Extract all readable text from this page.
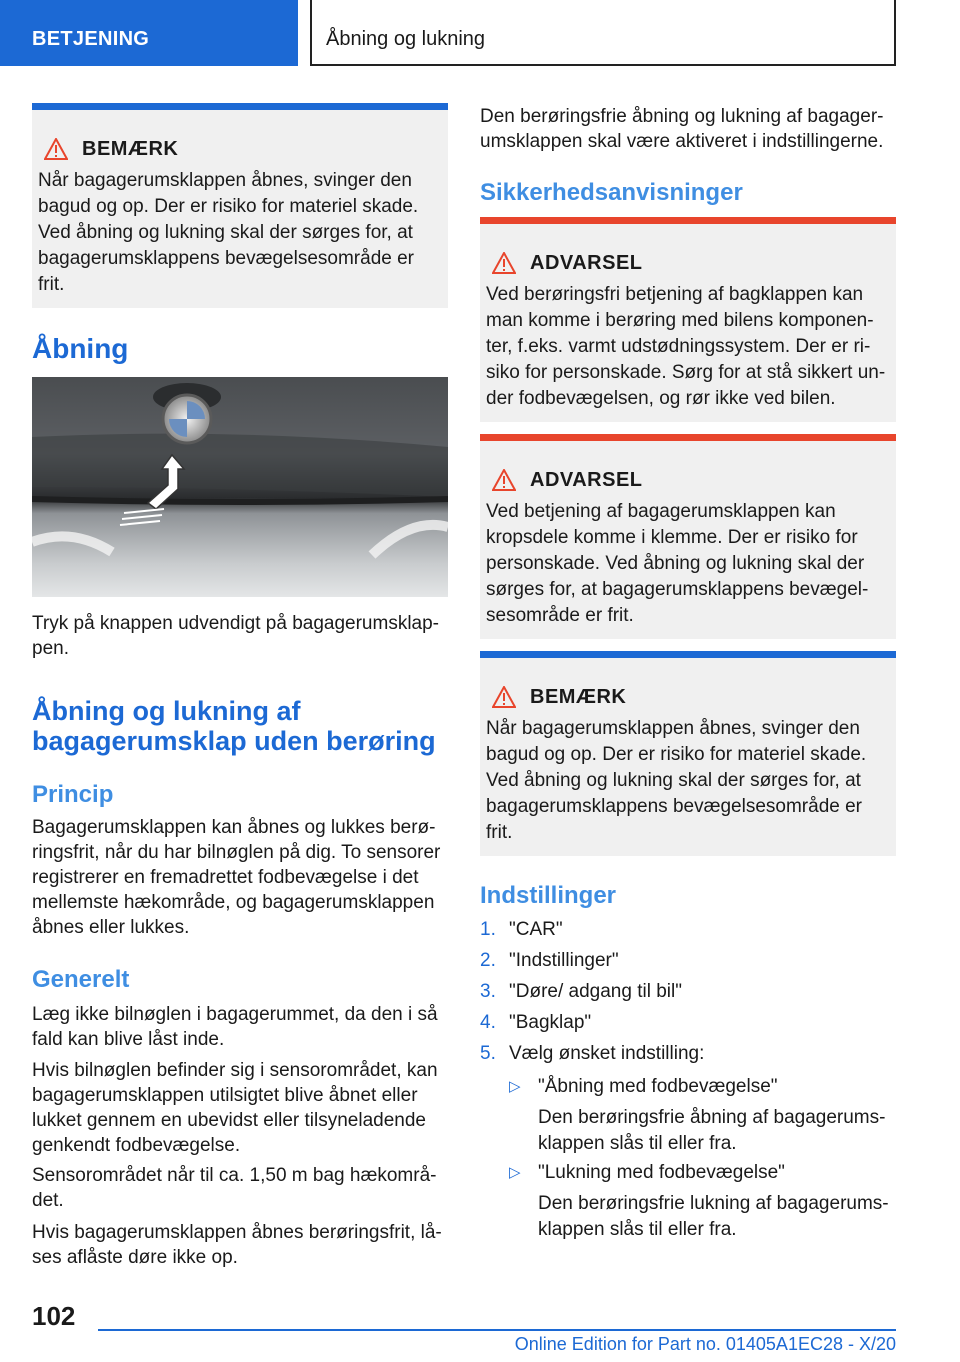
BETJENING	Åbning og lukning
BEMÆRK
Når bagagerumsklappen åbnes, svinger den
bagud og op. Der er risiko for materiel skade.
Ved åbning og lukning skal der sørges for, at
bagagerumsklappens bevægelsesområde er
frit.
Åbning
Tryk på knappen udvendigt på bagagerumsklap-
pen.
Åbning og lukning af
bagagerumsklap uden berøring
Princip
Bagagerumsklappen kan åbnes og lukkes berø-
ringsfrit, når du har bilnøglen på dig. To sensorer
registrerer en fremadrettet fodbevægelse i det
mellemste hækområde, og bagagerumsklappen
åbnes eller lukkes.
Generelt
Læg ikke bilnøglen i bagagerummet, da den i så
fald kan blive låst inde.
Hvis bilnøglen befinder sig i sensorområdet, kan
bagagerumsklappen utilsigtet blive åbnet eller
lukket gennem en ubevidst eller tilsyneladende
genkendt fodbevægelse.
Sensorområdet når til ca. 1,50 m bag hækområ-
det.
Hvis bagagerumsklappen åbnes berøringsfrit, lå-
ses aflåste døre ikke op.
Den berøringsfrie åbning og lukning af bagager-
umsklappen skal være aktiveret i indstillingerne.
Sikkerhedsanvisninger
ADVARSEL
Ved berøringsfri betjening af bagklappen kan
man komme i berøring med bilens komponen-
ter, f.eks. varmt udstødningssystem. Der er ri-
siko for personskade. Sørg for at stå sikkert un-
der fodbevægelsen, og rør ikke ved bilen.
ADVARSEL
Ved betjening af bagagerumsklappen kan
kropsdele komme i klemme. Der er risiko for
personskade. Ved åbning og lukning skal der
sørges for, at bagagerumsklappens bevægel-
sesområde er frit.
BEMÆRK
Når bagagerumsklappen åbnes, svinger den
bagud og op. Der er risiko for materiel skade.
Ved åbning og lukning skal der sørges for, at
bagagerumsklappens bevægelsesområde er
frit.
Indstillinger
1. "CAR"
2. "Indstillinger"
3. "Døre/ adgang til bil"
4. "Bagklap"
5. Vælg ønsket indstilling:
▷ "Åbning med fodbevægelse"
Den berøringsfrie åbning af bagagerums-
klappen slås til eller fra.
▷ "Lukning med fodbevægelse"
Den berøringsfrie lukning af bagagerums-
klappen slås til eller fra.
102
Online Edition for Part no. 01405A1EC28 - X/20
